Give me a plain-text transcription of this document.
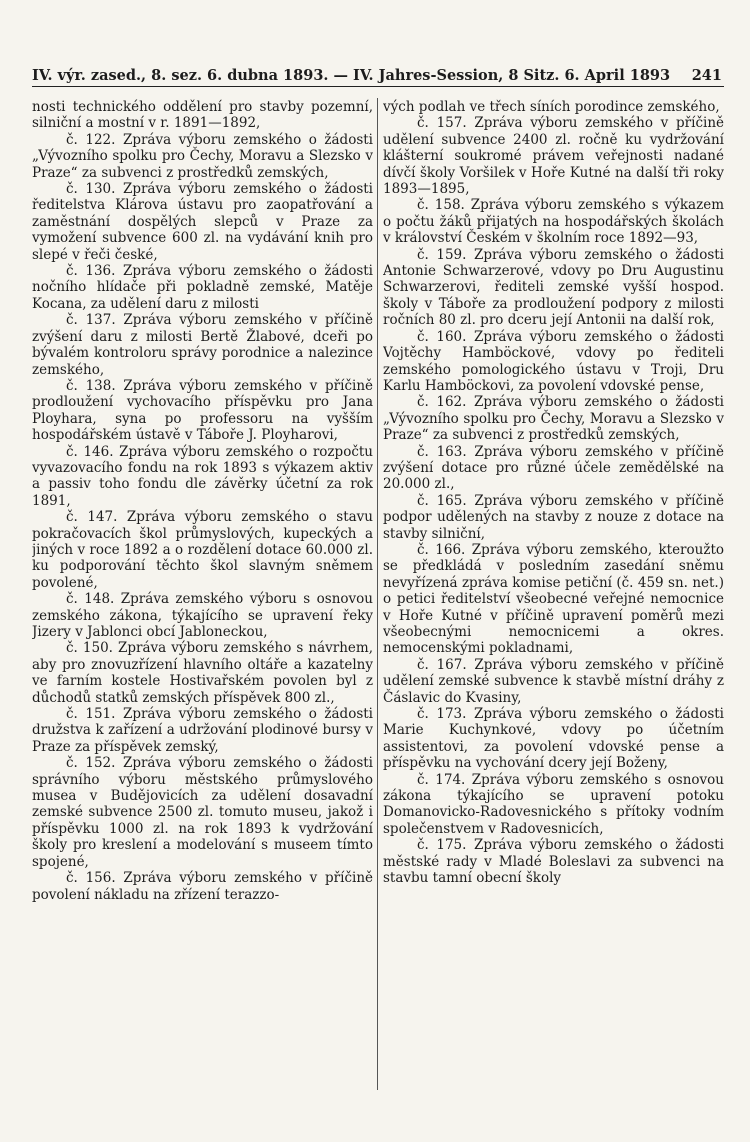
IV. výr. zased., 8. sez. 6. dubna 1893. — IV. Jahres-Session, 8 Sitz. 6. April 1893 241

nosti technického oddělení pro stavby pozemní, silniční a mostní v r. 1891—1892,

č. 122. Zpráva výboru zemského o žádosti „Vývozního spolku pro Čechy, Moravu a Slezsko v Praze“ za subvenci z prostředků zemských,

č. 130. Zpráva výboru zemského o žádosti ředitelstva Klárova ústavu pro zaopatřování a zaměstnání dospělých slepců v Praze za vymožení subvence 600 zl. na vydávání knih pro slepé v řeči české,

č. 136. Zpráva výboru zemského o žádosti nočního hlídače při pokladně zemské, Matěje Kocana, za udělení daru z milosti

č. 137. Zpráva výboru zemského v příčině zvýšení daru z milosti Bertě Žlabové, dceři po bývalém kontroloru správy porodnice a nalezince zemského,

č. 138. Zpráva výboru zemského v příčině prodloužení vychovacího příspěvku pro Jana Ployhara, syna po professoru na vyšším hospodářském ústavě v Táboře J. Ployharovi,

č. 146. Zpráva výboru zemského o rozpočtu vyvazovacího fondu na rok 1893 s výkazem aktiv a passiv toho fondu dle závěrky účetní za rok 1891,

č. 147. Zpráva výboru zemského o stavu pokračovacích škol průmyslových, kupeckých a jiných v roce 1892 a o rozdělení dotace 60.000 zl. ku podporování těchto škol slavným sněmem povolené,

č. 148. Zpráva zemského výboru s osnovou zemského zákona, týkajícího se upravení řeky Jizery v Jablonci obcí Jabloneckou,

č. 150. Zpráva výboru zemského s návrhem, aby pro znovuzřízení hlavního oltáře a kazatelny ve farním kostele Hostivařském povolen byl z důchodů statků zemských příspěvek 800 zl.,

č. 151. Zpráva výboru zemského o žádosti družstva k zařízení a udržování plodinové bursy v Praze za příspěvek zemský,

č. 152. Zpráva výboru zemského o žádosti správního výboru městského průmyslového musea v Budějovicích za udělení dosavadní zemské subvence 2500 zl. tomuto museu, jakož i příspěvku 1000 zl. na rok 1893 k vydržování školy pro kreslení a modelování s museem tímto spojené,

č. 156. Zpráva výboru zemského v příčině povolení nákladu na zřízení terazzo-

vých podlah ve třech síních porodince zemského,

č. 157. Zpráva výboru zemského v příčině udělení subvence 2400 zl. ročně ku vydržování klášterní soukromé právem veřejnosti nadané dívčí školy Voršilek v Hoře Kutné na další tři roky 1893—1895,

č. 158. Zpráva výboru zemského s výkazem o počtu žáků přijatých na hospodářských školách v království Českém v školním roce 1892—93,

č. 159. Zpráva výboru zemského o žádosti Antonie Schwarzerové, vdovy po Dru Augustinu Schwarzerovi, řediteli zemské vyšší hospod. školy v Táboře za prodloužení podpory z milosti ročních 80 zl. pro dceru její Antonii na další rok,

č. 160. Zpráva výboru zemského o žádosti Vojtěchy Hamböckové, vdovy po řediteli zemského pomologického ústavu v Troji, Dru Karlu Hamböckovi, za povolení vdovské pense,

č. 162. Zpráva výboru zemského o žádosti „Vývozního spolku pro Čechy, Moravu a Slezsko v Praze“ za subvenci z prostředků zemských,

č. 163. Zpráva výboru zemského v příčině zvýšení dotace pro různé účele zemědělské na 20.000 zl.,

č. 165. Zpráva výboru zemského v příčině podpor udělených na stavby z nouze z dotace na stavby silniční,

č. 166. Zpráva výboru zemského, kteroužto se předkládá v posledním zasedání sněmu nevyřízená zpráva komise petiční (č. 459 sn. net.) o petici ředitelství všeobecné veřejné nemocnice v Hoře Kutné v příčině upravení poměrů mezi všeobecnými nemocnicemi a okres. nemocenskými pokladnami,

č. 167. Zpráva výboru zemského v příčině udělení zemské subvence k stavbě místní dráhy z Čáslavic do Kvasiny,

č. 173. Zpráva výboru zemského o žádosti Marie Kuchynkové, vdovy po účetním assistentovi, za povolení vdovské pense a příspěvku na vychování dcery její Boženy,

č. 174. Zpráva výboru zemského s osnovou zákona týkajícího se upravení potoku Domanovicko-Radovesnického s přítoky vodním společenstvem v Radovesnicích,

č. 175. Zpráva výboru zemského o žádosti městské rady v Mladé Boleslavi za subvenci na stavbu tamní obecní školy
